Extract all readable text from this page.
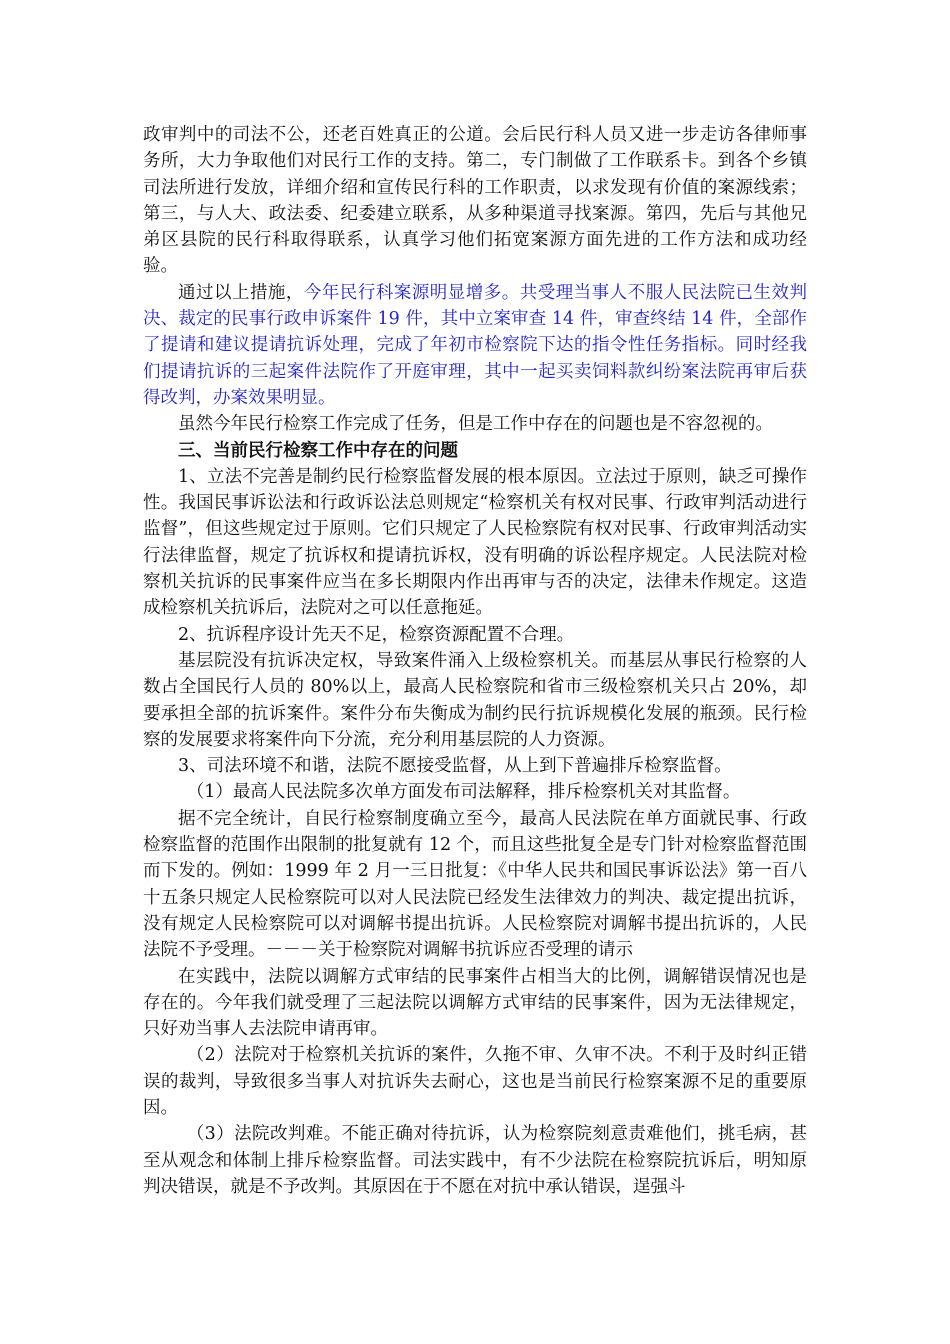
政审判中的司法不公，还老百姓真正的公道。会后民行科人员又进一步走访各律师事务所，大力争取他们对民行工作的支持。第二，专门制做了工作联系卡。到各个乡镇司法所进行发放，详细介绍和宣传民行科的工作职责，以求发现有价值的案源线索；第三，与人大、政法委、纪委建立联系，从多种渠道寻找案源。第四，先后与其他兄弟区县院的民行科取得联系，认真学习他们拓宽案源方面先进的工作方法和成功经验。

通过以上措施，今年民行科案源明显增多。共受理当事人不服人民法院已生效判决、裁定的民事行政申诉案件 19 件，其中立案审查 14 件，审查终结 14 件，全部作了提请和建议提请抗诉处理，完成了年初市检察院下达的指令性任务指标。同时经我们提请抗诉的三起案件法院作了开庭审理，其中一起买卖饲料款纠纷案法院再审后获得改判，办案效果明显。

虽然今年民行检察工作完成了任务，但是工作中存在的问题也是不容忽视的。

三、当前民行检察工作中存在的问题

1、立法不完善是制约民行检察监督发展的根本原因。立法过于原则，缺乏可操作性。我国民事诉讼法和行政诉讼法总则规定“检察机关有权对民事、行政审判活动进行监督”，但这些规定过于原则。它们只规定了人民检察院有权对民事、行政审判活动实行法律监督，规定了抗诉权和提请抗诉权，没有明确的诉讼程序规定。人民法院对检察机关抗诉的民事案件应当在多长期限内作出再审与否的决定，法律未作规定。这造成检察机关抗诉后，法院对之可以任意拖延。

2、抗诉程序设计先天不足，检察资源配置不合理。

基层院没有抗诉决定权，导致案件涌入上级检察机关。而基层从事民行检察的人数占全国民行人员的 80%以上，最高人民检察院和省市三级检察机关只占 20%，却要承担全部的抗诉案件。案件分布失衡成为制约民行抗诉规模化发展的瓶颈。民行检察的发展要求将案件向下分流，充分利用基层院的人力资源。

3、司法环境不和谐，法院不愿接受监督，从上到下普遍排斥检察监督。

（1）最高人民法院多次单方面发布司法解释，排斥检察机关对其监督。

据不完全统计，自民行检察制度确立至今，最高人民法院在单方面就民事、行政检察监督的范围作出限制的批复就有 12 个，而且这些批复全是专门针对检察监督范围而下发的。例如：1999 年 2 月一三日批复：《中华人民共和国民事诉讼法》第一百八十五条只规定人民检察院可以对人民法院已经发生法律效力的判决、裁定提出抗诉，没有规定人民检察院可以对调解书提出抗诉。人民检察院对调解书提出抗诉的，人民法院不予受理。－－－关于检察院对调解书抗诉应否受理的请示

在实践中，法院以调解方式审结的民事案件占相当大的比例，调解错误情况也是存在的。今年我们就受理了三起法院以调解方式审结的民事案件，因为无法律规定，只好劝当事人去法院申请再审。

（2）法院对于检察机关抗诉的案件，久拖不审、久审不决。不利于及时纠正错误的裁判，导致很多当事人对抗诉失去耐心，这也是当前民行检察案源不足的重要原因。

（3）法院改判难。不能正确对待抗诉，认为检察院刻意责难他们，挑毛病，甚至从观念和体制上排斥检察监督。司法实践中，有不少法院在检察院抗诉后，明知原判决错误，就是不予改判。其原因在于不愿在对抗中承认错误，逞强斗
